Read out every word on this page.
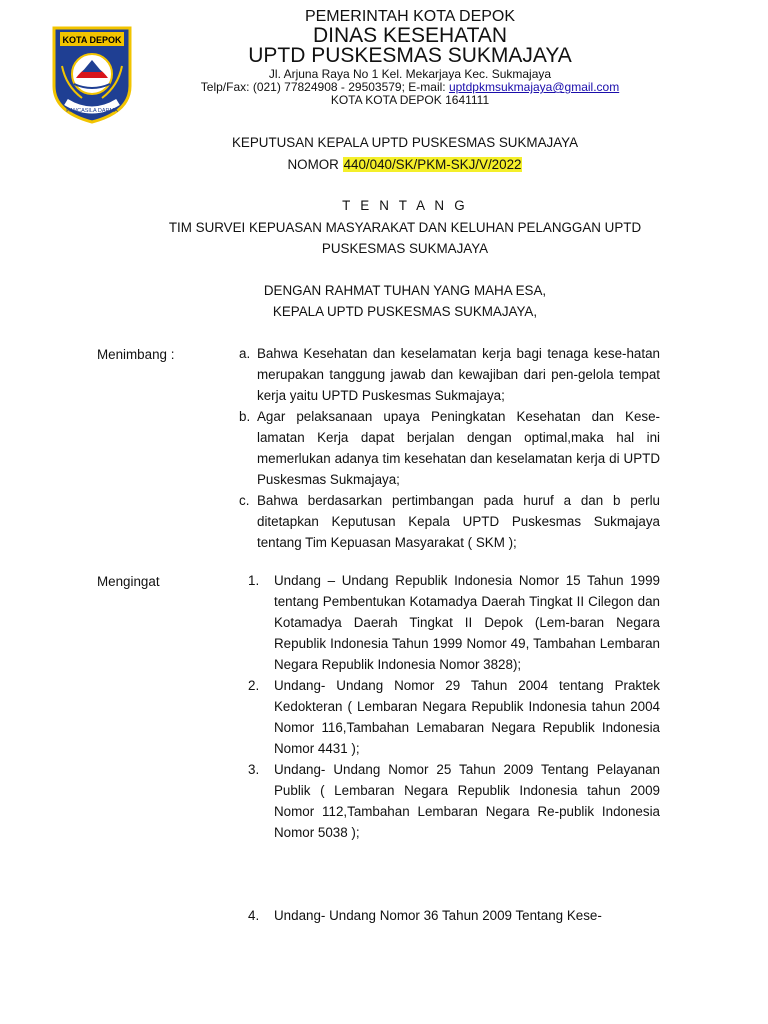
KOTA DEPOK
PANCASILA DARMA
PEMERINTAH KOTA DEPOK
DINAS KESEHATAN
UPTD PUSKESMAS SUKMAJAYA
Jl. Arjuna Raya No 1 Kel. Mekarjaya Kec. Sukmajaya
Telp/Fax: (021) 77824908 - 29503579; E-mail: uptdpkmsukmajaya@gmail.com
KOTA KOTA DEPOK 1641111
KEPUTUSAN KEPALA UPTD PUSKESMAS SUKMAJAYA
NOMOR 440/040/SK/PKM-SKJ/V/2022
T E N T A N G
TIM SURVEI KEPUASAN MASYARAKAT DAN KELUHAN PELANGGAN UPTD
PUSKESMAS SUKMAJAYA
DENGAN RAHMAT TUHAN YANG MAHA ESA,
KEPALA UPTD PUSKESMAS SUKMAJAYA,
Menimbang :	a. Bahwa Kesehatan dan keselamatan kerja bagi tenaga kese-hatan merupakan tanggung jawab dan kewajiban dari pen-gelola tempat kerja yaitu UPTD Puskesmas Sukmajaya;
b. Agar pelaksanaan upaya Peningkatan Kesehatan dan Kese-lamatan Kerja dapat berjalan dengan optimal,maka hal ini memerlukan adanya tim kesehatan dan keselamatan kerja di UPTD Puskesmas Sukmajaya;
c. Bahwa berdasarkan pertimbangan pada huruf a dan b perlu ditetapkan Keputusan Kepala UPTD Puskesmas Sukmajaya tentang Tim Kepuasan Masyarakat ( SKM );
Mengingat	1.	Undang – Undang Republik Indonesia Nomor 15 Tahun 1999 tentang Pembentukan Kotamadya Daerah Tingkat II Cilegon dan Kotamadya Daerah Tingkat II Depok (Lem-baran Negara Republik Indonesia Tahun 1999 Nomor 49, Tambahan Lembaran Negara Republik Indonesia Nomor 3828);
2.	Undang- Undang Nomor 29 Tahun 2004 tentang Praktek Kedokteran ( Lembaran Negara Republik Indonesia tahun 2004 Nomor 116,Tambahan Lemabaran Negara Republik Indonesia Nomor 4431 );
3.	Undang- Undang Nomor 25 Tahun 2009 Tentang Pelayanan Publik ( Lembaran Negara Republik Indonesia tahun 2009 Nomor 112,Tambahan Lembaran Negara Re-publik Indonesia Nomor 5038 );
4.	Undang- Undang Nomor 36 Tahun 2009 Tentang Kese-
